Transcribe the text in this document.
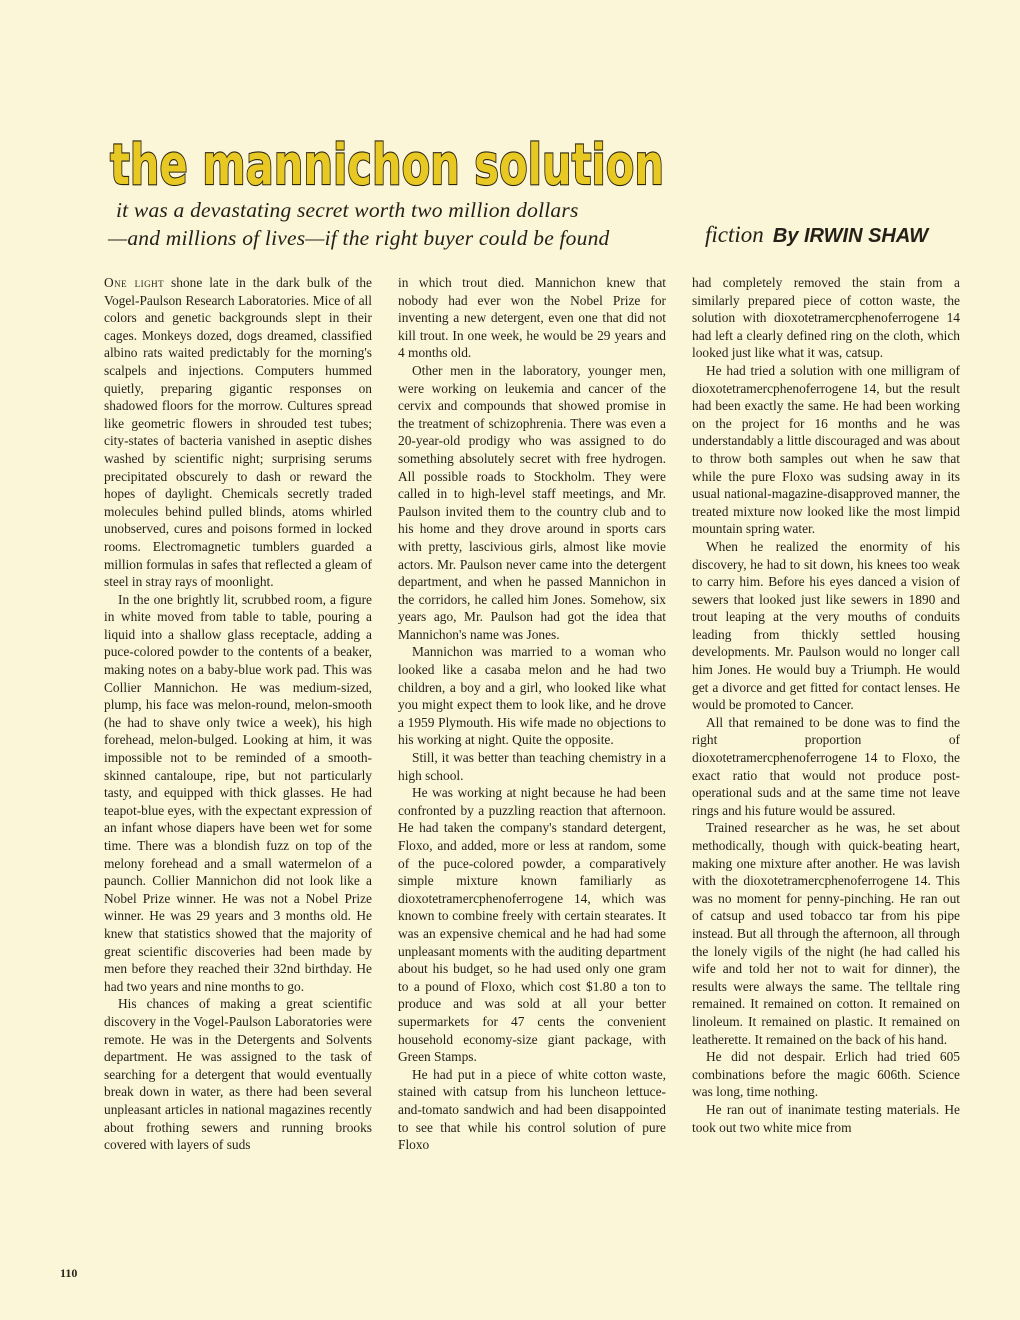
the mannichon solution
it was a devastating secret worth two million dollars
—and millions of lives—if the right buyer could be found	fiction By IRWIN SHAW

One light shone late in the dark bulk of the Vogel-Paulson Research Laboratories. Mice of all colors and genetic backgrounds slept in their cages. Monkeys dozed, dogs dreamed, classified albino rats waited predictably for the morning's scalpels and injections. Computers hummed quietly, preparing gigantic responses on shadowed floors for the morrow. Cultures spread like geometric flowers in shrouded test tubes; city-states of bacteria vanished in aseptic dishes washed by scientific night; surprising serums precipitated obscurely to dash or reward the hopes of daylight. Chemicals secretly traded molecules behind pulled blinds, atoms whirled unobserved, cures and poisons formed in locked rooms. Electromagnetic tumblers guarded a million formulas in safes that reflected a gleam of steel in stray rays of moonlight.

In the one brightly lit, scrubbed room, a figure in white moved from table to table, pouring a liquid into a shallow glass receptacle, adding a puce-colored powder to the contents of a beaker, making notes on a baby-blue work pad. This was Collier Mannichon. He was medium-sized, plump, his face was melon-round, melon-smooth (he had to shave only twice a week), his high forehead, melon-bulged. Looking at him, it was impossible not to be reminded of a smooth-skinned cantaloupe, ripe, but not particularly tasty, and equipped with thick glasses. He had teapot-blue eyes, with the expectant expression of an infant whose diapers have been wet for some time. There was a blondish fuzz on top of the melony forehead and a small watermelon of a paunch. Collier Mannichon did not look like a Nobel Prize winner. He was not a Nobel Prize winner. He was 29 years and 3 months old. He knew that statistics showed that the majority of great scientific discoveries had been made by men before they reached their 32nd birthday. He had two years and nine months to go.

His chances of making a great scientific discovery in the Vogel-Paulson Laboratories were remote. He was in the Detergents and Solvents department. He was assigned to the task of searching for a detergent that would eventually break down in water, as there had been several unpleasant articles in national magazines recently about frothing sewers and running brooks covered with layers of suds

in which trout died. Mannichon knew that nobody had ever won the Nobel Prize for inventing a new detergent, even one that did not kill trout. In one week, he would be 29 years and 4 months old.

Other men in the laboratory, younger men, were working on leukemia and cancer of the cervix and compounds that showed promise in the treatment of schizophrenia. There was even a 20-year-old prodigy who was assigned to do something absolutely secret with free hydrogen. All possible roads to Stockholm. They were called in to high-level staff meetings, and Mr. Paulson invited them to the country club and to his home and they drove around in sports cars with pretty, lascivious girls, almost like movie actors. Mr. Paulson never came into the detergent department, and when he passed Mannichon in the corridors, he called him Jones. Somehow, six years ago, Mr. Paulson had got the idea that Mannichon's name was Jones.

Mannichon was married to a woman who looked like a casaba melon and he had two children, a boy and a girl, who looked like what you might expect them to look like, and he drove a 1959 Plymouth. His wife made no objections to his working at night. Quite the opposite.

Still, it was better than teaching chemistry in a high school.

He was working at night because he had been confronted by a puzzling reaction that afternoon. He had taken the company's standard detergent, Floxo, and added, more or less at random, some of the puce-colored powder, a comparatively simple mixture known familiarly as dioxotetramercphenoferrogene 14, which was known to combine freely with certain stearates. It was an expensive chemical and he had had some unpleasant moments with the auditing department about his budget, so he had used only one gram to a pound of Floxo, which cost $1.80 a ton to produce and was sold at all your better supermarkets for 47 cents the convenient household economy-size giant package, with Green Stamps.

He had put in a piece of white cotton waste, stained with catsup from his luncheon lettuce-and-tomato sandwich and had been disappointed to see that while his control solution of pure Floxo

had completely removed the stain from a similarly prepared piece of cotton waste, the solution with dioxotetramercphenoferrogene 14 had left a clearly defined ring on the cloth, which looked just like what it was, catsup.

He had tried a solution with one milligram of dioxotetramercphenoferrogene 14, but the result had been exactly the same. He had been working on the project for 16 months and he was understandably a little discouraged and was about to throw both samples out when he saw that while the pure Floxo was sudsing away in its usual national-magazine-disapproved manner, the treated mixture now looked like the most limpid mountain spring water.

When he realized the enormity of his discovery, he had to sit down, his knees too weak to carry him. Before his eyes danced a vision of sewers that looked just like sewers in 1890 and trout leaping at the very mouths of conduits leading from thickly settled housing developments. Mr. Paulson would no longer call him Jones. He would buy a Triumph. He would get a divorce and get fitted for contact lenses. He would be promoted to Cancer.

All that remained to be done was to find the right proportion of dioxotetramercphenoferrogene 14 to Floxo, the exact ratio that would not produce post-operational suds and at the same time not leave rings and his future would be assured.

Trained researcher as he was, he set about methodically, though with quick-beating heart, making one mixture after another. He was lavish with the dioxotetramercphenoferrogene 14. This was no moment for penny-pinching. He ran out of catsup and used tobacco tar from his pipe instead. But all through the afternoon, all through the lonely vigils of the night (he had called his wife and told her not to wait for dinner), the results were always the same. The telltale ring remained. It remained on cotton. It remained on linoleum. It remained on plastic. It remained on leatherette. It remained on the back of his hand.

He did not despair. Erlich had tried 605 combinations before the magic 606th. Science was long, time nothing.

He ran out of inanimate testing materials. He took out two white mice from

110
